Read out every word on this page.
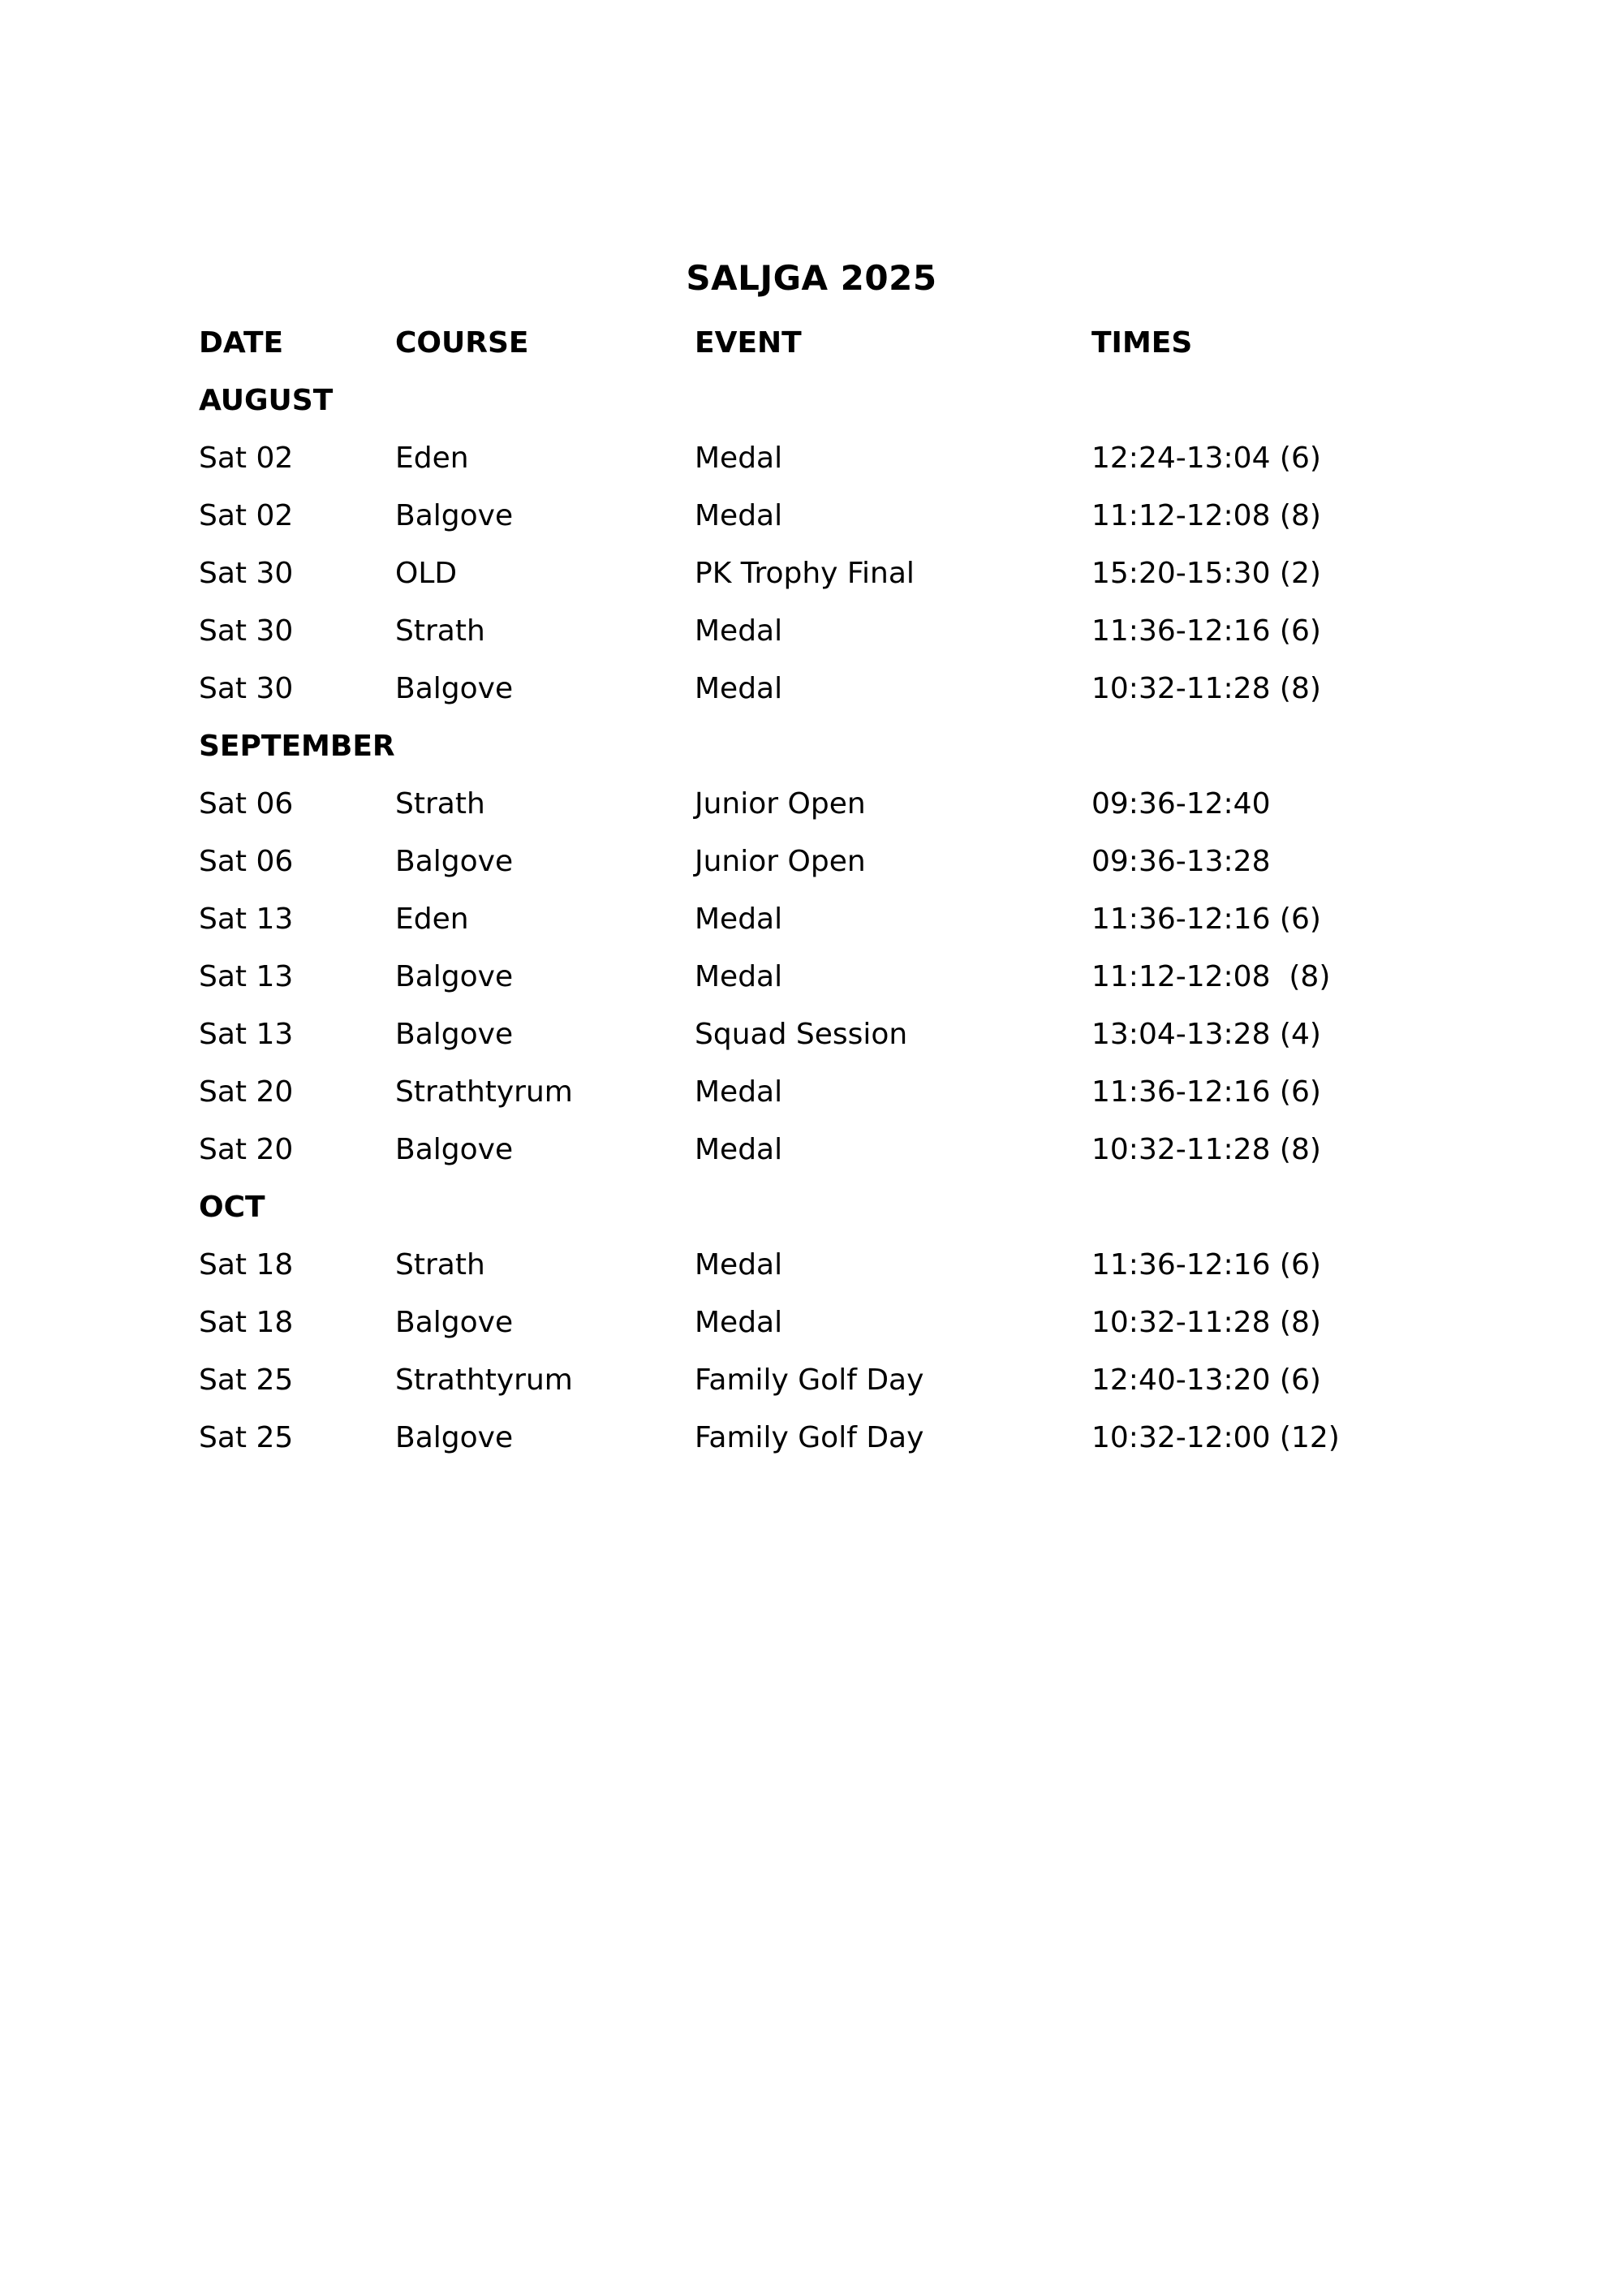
SALJGA 2025
DATE	COURSE	EVENT	TIMES
AUGUST
Sat 02	Eden	Medal	12:24-13:04 (6)
Sat 02	Balgove	Medal	11:12-12:08 (8)
Sat 30	OLD	PK Trophy Final	15:20-15:30 (2)
Sat 30	Strath	Medal	11:36-12:16 (6)
Sat 30	Balgove	Medal	10:32-11:28 (8)
SEPTEMBER
Sat 06	Strath	Junior Open	09:36-12:40
Sat 06	Balgove	Junior Open	09:36-13:28
Sat 13	Eden	Medal	11:36-12:16 (6)
Sat 13	Balgove	Medal	11:12-12:08  (8)
Sat 13	Balgove	Squad Session	13:04-13:28 (4)
Sat 20	Strathtyrum	Medal	11:36-12:16 (6)
Sat 20	Balgove	Medal	10:32-11:28 (8)
OCT
Sat 18	Strath	Medal	11:36-12:16 (6)
Sat 18	Balgove	Medal	10:32-11:28 (8)
Sat 25	Strathtyrum	Family Golf Day	12:40-13:20 (6)
Sat 25	Balgove	Family Golf Day	10:32-12:00 (12)
